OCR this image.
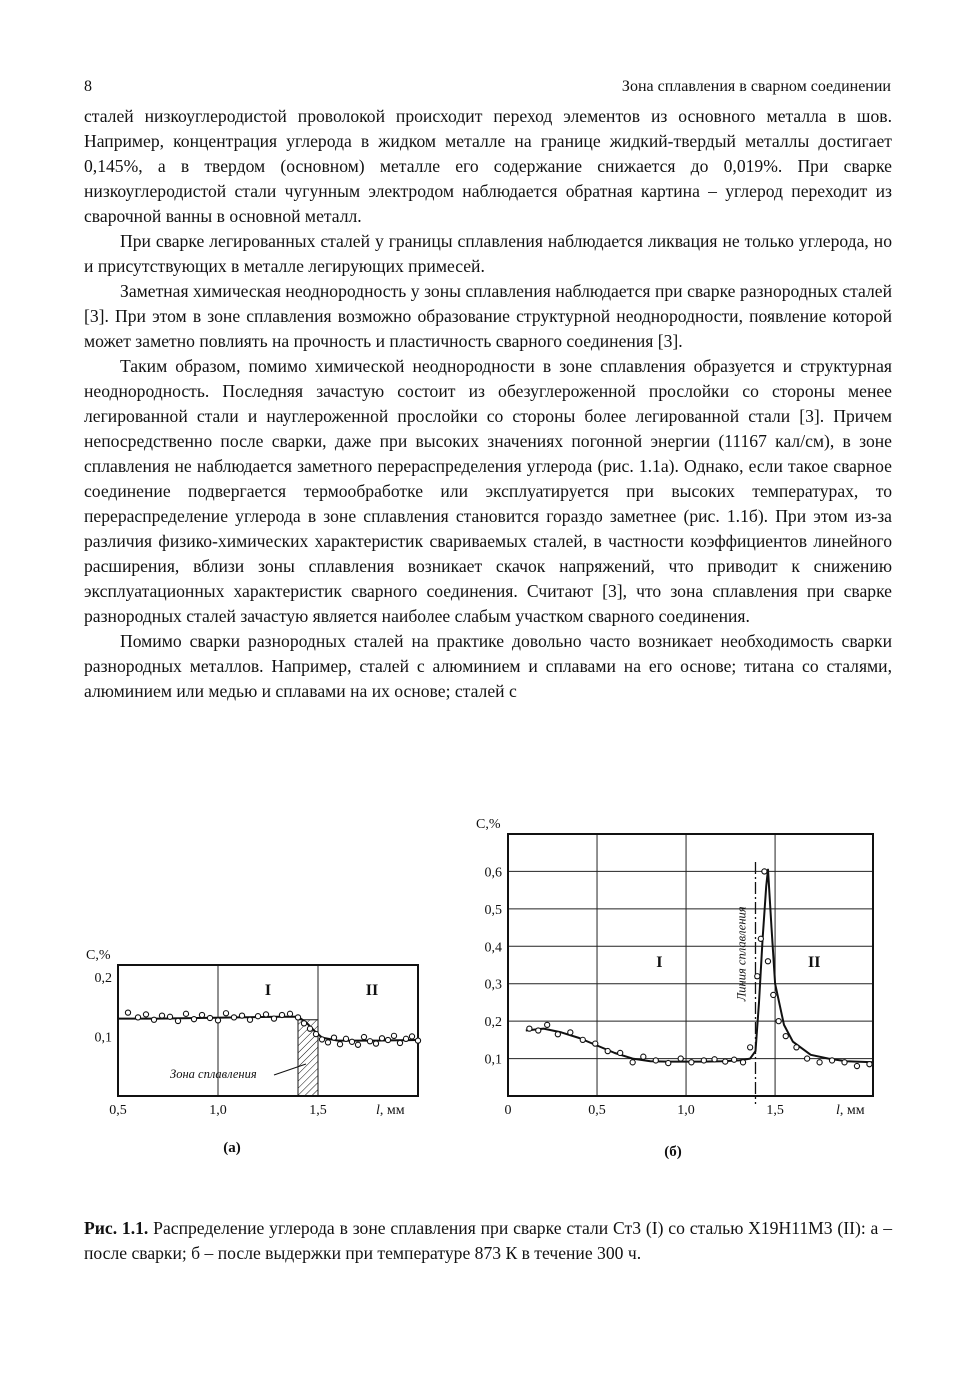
8	Зона сплавления в сварном соединении

сталей низкоуглеродистой проволокой происходит переход элементов из основного металла в шов. Например, концентрация углерода в жидком металле на границе жидкий-твердый металлы достигает 0,145%, а в твердом (основном) металле его содержание снижается до 0,019%. При сварке низкоуглеродистой стали чугунным электродом наблюдается обратная картина – углерод переходит из сварочной ванны в основной металл.

При сварке легированных сталей у границы сплавления наблюдается ликвация не только углерода, но и присутствующих в металле легирующих примесей.

Заметная химическая неоднородность у зоны сплавления наблюдается при сварке разнородных сталей [3]. При этом в зоне сплавления возможно образование структурной неоднородности, появление которой может заметно повлиять на прочность и пластичность сварного соединения [3].

Таким образом, помимо химической неоднородности в зоне сплавления образуется и структурная неоднородность. Последняя зачастую состоит из обезуглероженной прослойки со стороны менее легированной стали и науглероженной прослойки со стороны более легированной стали [3]. Причем непосредственно после сварки, даже при высоких значениях погонной энергии (11167 кал/см), в зоне сплавления не наблюдается заметного перераспределения углерода (рис. 1.1а). Однако, если такое сварное соединение подвергается термообработке или эксплуатируется при высоких температурах, то перераспределение углерода в зоне сплавления становится гораздо заметнее (рис. 1.1б). При этом из-за различия физико-химических характеристик свариваемых сталей, в частности коэффициентов линейного расширения, вблизи зоны сплавления возникает скачок напряжений, что приводит к снижению эксплуатационных характеристик сварного соединения. Считают [3], что зона сплавления при сварке разнородных сталей зачастую является наиболее слабым участком сварного соединения.

Помимо сварки разнородных сталей на практике довольно часто возникает необходимость сварки разнородных металлов. Например, сталей с алюминием и сплавами на его основе; титана со сталями, алюминием или медью и сплавами на их основе; сталей с

Зона сплавления
0,5	1,0	1,5
0,1
0,2
С,%
l, мм
I	II
(а)
Линия сплавления
0	0,5	1,0	1,5
0,1
0,2
0,3
0,4
0,5
0,6
С,%
l, мм
I	II
(б)
Рис. 1.1. Распределение углерода в зоне сплавления при сварке стали Ст3 (I) со сталью Х19Н11М3 (II): а – после сварки; б – после выдержки при температуре 873 К в течение 300 ч.
